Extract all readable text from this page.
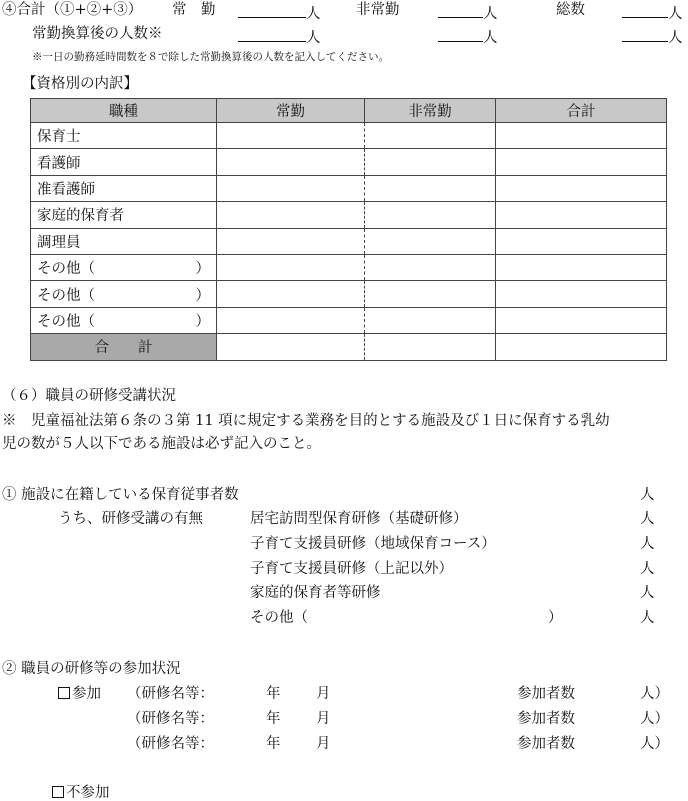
④合計（①+②+③） 常　勤	人 非常勤	人	総数	人
常勤換算後の人数※	人	人	人
※一日の勤務延時間数を８で除した常勤換算後の人数を記入してください。
【資格別の内訳】
職種	常勤	非常勤	合計
保育士			
看護師			
准看護師			
家庭的保育者			
調理員			

その他（ ）			

その他（ ）			

その他（ ）			

合　　計			
（６）職員の研修受講状況
※　児童福祉法第６条の３第 11 項に規定する業務を目的とする施設及び１日に保育する乳幼
児の数が５人以下である施設は必ず記入のこと。
① 施設に在籍している保育従事者数	人
うち、研修受講の有無	居宅訪問型保育研修（基礎研修）	人
子育て支援員研修（地域保育コース）	人
子育て支援員研修（上記以外）	人
家庭的保育者等研修	人
その他（	）	人
② 職員の研修等の参加状況
参加 （研修名等：	年 月	参加者数	人）
（研修名等：	年 月	参加者数	人）
（研修名等：	年 月	参加者数	人）
不参加
